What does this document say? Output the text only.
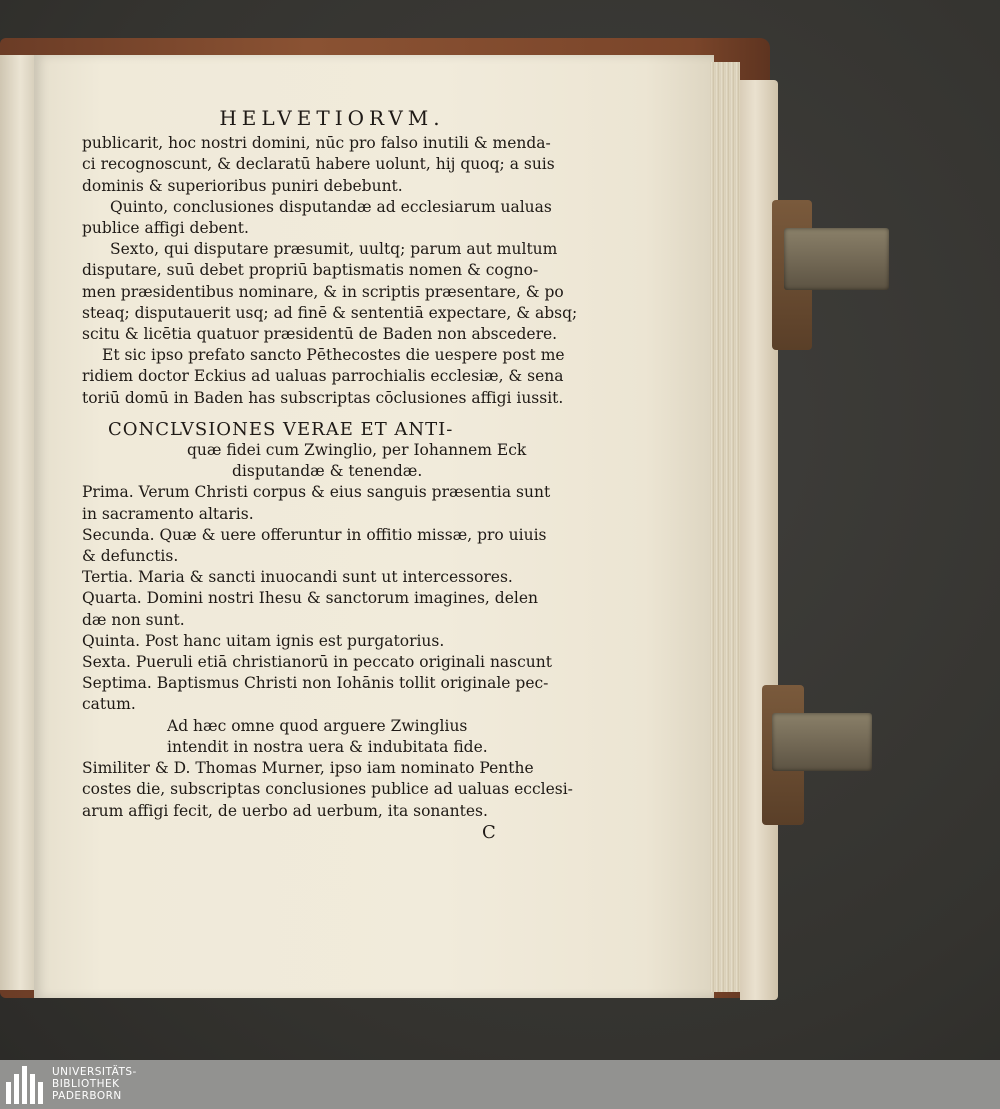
HELVETIORVM.
publicarit, hoc nostri domini, nūc pro falso inutili & menda-
ci recognoscunt, & declaratū habere uolunt, hij quoq; a suis
dominis & superioribus puniri debebunt.
Quinto, conclusiones disputandæ ad ecclesiarum ualuas
publice affigi debent.
Sexto, qui disputare præsumit, uultq; parum aut multum
disputare, suū debet propriū baptismatis nomen & cogno-
men præsidentibus nominare, & in scriptis præsentare, & po
steaq; disputauerit usq; ad finē & sententiā expectare, & absq;
scitu & licētia quatuor præsidentū de Baden non abscedere.
Et sic ipso prefato sancto Pēthecostes die uespere post me
ridiem doctor Eckius ad ualuas parrochialis ecclesiæ, & sena
toriū domū in Baden has subscriptas cōclusiones affigi iussit.
CONCLVSIONES VERAE ET ANTI-
quæ fidei cum Zwinglio, per Iohannem Eck
disputandæ & tenendæ.
Prima. Verum Christi corpus & eius sanguis præsentia sunt
in sacramento altaris.
Secunda. Quæ & uere offeruntur in offitio missæ, pro uiuis
& defunctis.
Tertia. Maria & sancti inuocandi sunt ut intercessores.
Quarta. Domini nostri Ihesu & sanctorum imagines, delen
dæ non sunt.
Quinta. Post hanc uitam ignis est purgatorius.
Sexta. Pueruli etiā christianorū in peccato originali nascunt
Septima. Baptismus Christi non Iohānis tollit originale pec-
catum.
Ad hæc omne quod arguere Zwinglius
intendit in nostra uera & indubitata fide.
Similiter & D. Thomas Murner, ipso iam nominato Penthe
costes die, subscriptas conclusiones publice ad ualuas ecclesi-
arum affigi fecit, de uerbo ad uerbum, ita sonantes.
C
UNIVERSITÄTS-
BIBLIOTHEK
PADERBORN
